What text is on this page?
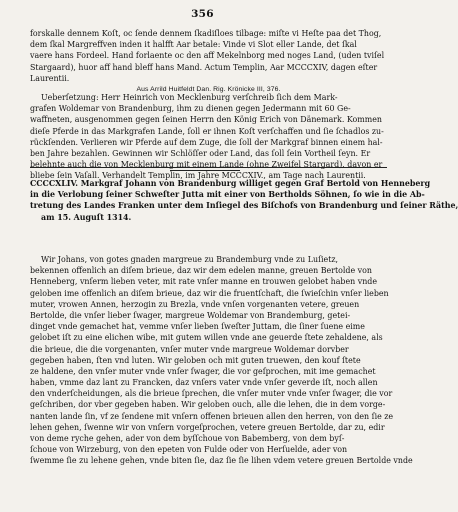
356
forskalle dennem Koſt, oc ſende dennem ſkadiſloes tilbage: miſte vi Heſte paa det Thog,
dem ſkal Margreffven inden it halfft Aar betale: Vinde vi Slot eller Lande, det ſkal
vaere hans Fordeel. Hand forlaente oc den aff Mekelnborg med noges Land, (uden tviſel
Stargaard), huor aff hand bleff hans Mand. Actum Templin, Aar MCCCXIV, dagen eſter
Laurentii.
Aus Arrild Huitfeldt Dan. Rig. Krönicke III, 376.
Ueberſetzung: Herr Heinrich von Mecklenburg verſchreib ſich dem Mark-
grafen Woldemar von Brandenburg, ihm zu dienen gegen Jedermann mit 60 Ge-
waffneten, ausgenommen gegen ſeinen Herrn den König Erich von Dänemark. Kommen
dieſe Pferde in das Markgrafen Lande, ſoll er ihnen Koſt verſchaffen und ſie ſchadlos zu-
rückſenden. Verlieren wir Pferde auf dem Zuge, die ſoll der Markgraf binnen einem hal-
ben Jahre bezahlen. Gewinnen wir Schlöſſer oder Land, das ſoll ſein Vortheil ſeyn. Er
belehnte auch die von Mecklenburg mit einem Lande (ohne Zweifel Stargard), davon er
bliebe ſein Vaſall. Verhandelt Templin, im Jahre MCCCXIV., am Tage nach Laurentii.
CCCCXLIV. Markgraf Johann von Brandenburg williget gegen Graf Bertold von Henneberg
in die Verlobung ſeiner Schweſter Jutta mit einer von Bertholds Söhnen, ſo wie in die Ab-
tretung des Landes Franken unter dem Inſiegel des Biſchofs von Brandenburg und ſeiner Räthe,
am 15. Auguſt 1314.
Wir Johans, von gotes gnaden margreue zu Brandemburg vnde zu Luſietz,
bekennen offenlich an diſem brieue, daz wir dem edelen manne, greuen Bertolde von
Henneberg, vnſerm lieben veter, mit rate vnſer manne en trouwen gelobet haben vnde
geloben ime offenlich an diſem brieue, daz wir die fruentſchaft, die ſwieſchin vnſer lieben
muter, vrowen Annen, herzogin zu Brezla, vnde vnſen vorgenanten vetere, greuen
Bertolde, die vnſer lieber ſwager, margreue Woldemar von Brandemburg, getei-
dinget vnde gemachet hat, vemme vnſer lieben ſweſter Juttam, die ſiner ſuene eime
gelobet iſt zu eine elichen wibe, mit gutem willen vnde ane geuerde ſtete zehaldene, als
die brieue, die die vorgenanten, vnſer muter vnde margreue Woldemar dorvber
gegeben haben, ſten vnd luten. Wir geloben och mit guten truewen, den kouf ſtete
ze haldene, den vnſer muter vnde vnſer ſwager, die vor geſprochen, mit ime gemachet
haben, vmme daz lant zu Francken, daz vnſers vater vnde vnſer geverde iſt, noch allen
den vnderſcheidungen, als die brieue ſprechen, die vnſer muter vnde vnſer ſwager, die vor
geſchriben, dor vber gegeben haben. Wir geloben ouch, alle die lehen, die in dem vorge-
nanten lande ſin, vf ze ſendene mit vnſern offenen brieuen allen den herren, von den ſie ze
lehen gehen, ſwenne wir von vnſern vorgeſprochen, vetere greuen Bertolde, dar zu, edir
von deme ryche gehen, ader von dem byſſchoue von Babemberg, von dem byſ-
ſchoue von Wirzeburg, von den epeten von Fulde oder von Herſuelde, ader von
ſwemme ſie zu lehene gehen, vnde biten ſie, daz ſie ſie lihen vdem vetere greuen Bertolde vnde
